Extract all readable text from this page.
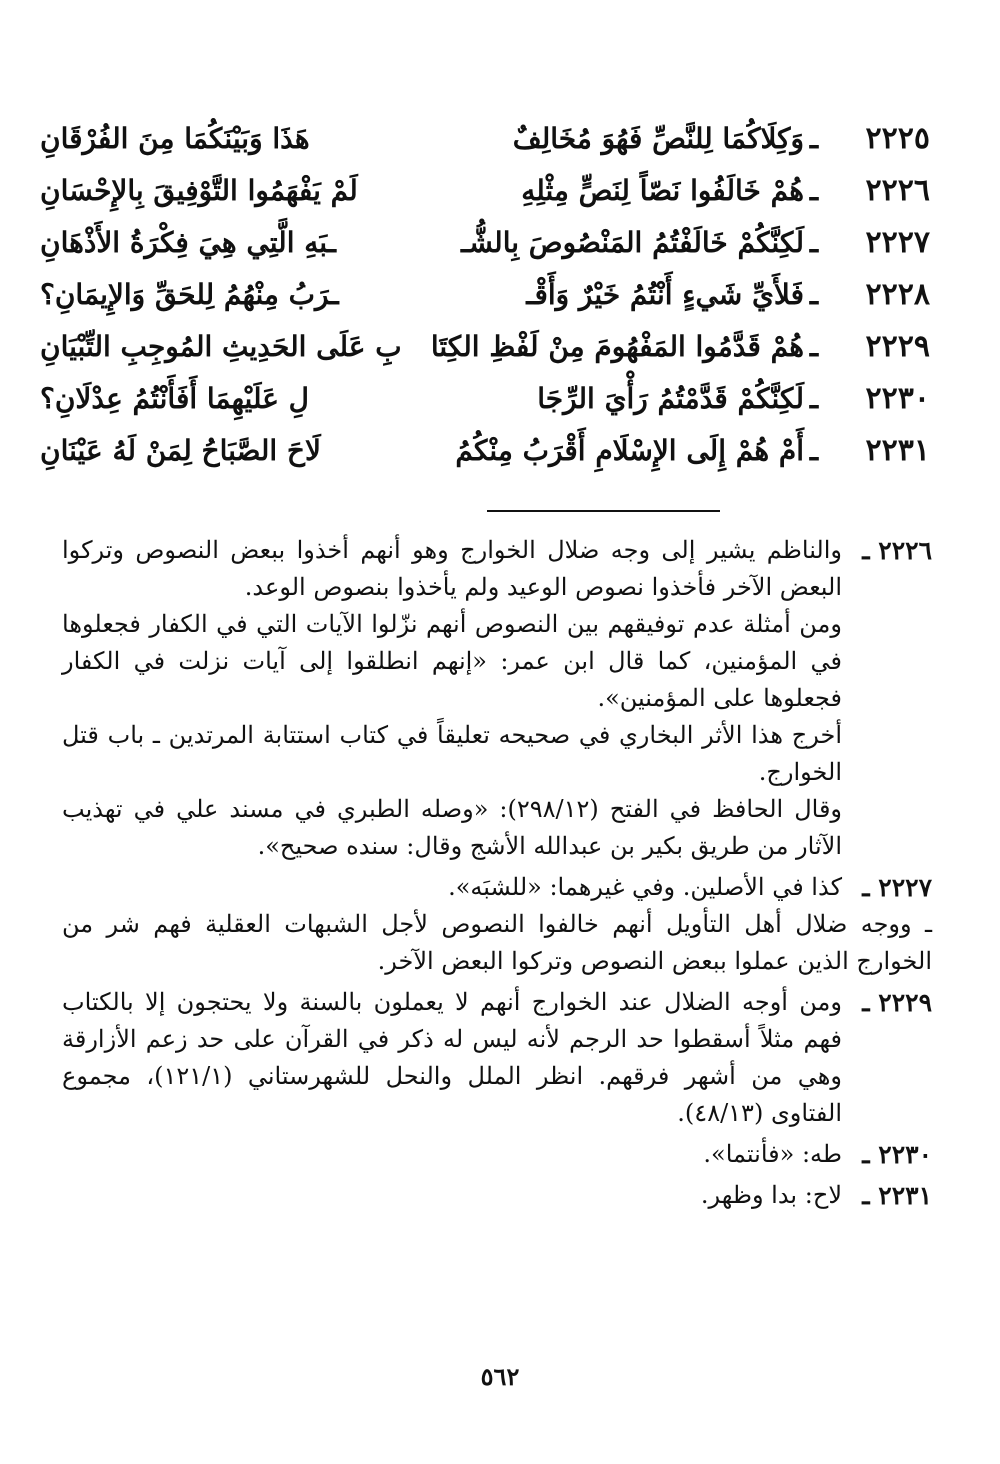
٢٢٢٥
ـ
وَكِلَاكُمَا لِلنَّصِّ فَهُوَ مُخَالِفٌ
هَذَا وَبَيْنَكُمَا مِنَ الفُرْقَانِ
٢٢٢٦
ـ
هُمْ خَالَفُوا نَصّاً لِنَصٍّ مِثْلِهِ
لَمْ يَفْهَمُوا التَّوْفِيقَ بِالإِحْسَانِ
٢٢٢٧
ـ
لَكِنَّكُمْ خَالَفْتُمُ المَنْصُوصَ بِالشُّـ
ـبَهِ الَّتِي هِيَ فِكْرَةُ الأَذْهَانِ
٢٢٢٨
ـ
فَلأَيِّ شَيءٍ أَنْتُمُ خَيْرٌ وَأَقْـ
ـرَبُ مِنْهُمُ لِلحَقِّ وَالإِيمَانِ؟
٢٢٢٩
ـ
هُمْ قَدَّمُوا المَفْهُومَ مِنْ لَفْظِ الكِتَا
بِ عَلَى الحَدِيثِ المُوجِبِ التِّبْيَانِ
٢٢٣٠
ـ
لَكِنَّكُمْ قَدَّمْتُمُ رَأْيَ الرِّجَا
لِ عَلَيْهِمَا أَفَأَنْتُمُ عِدْلَانِ؟
٢٢٣١
ـ
أَمْ هُمْ إِلَى الإِسْلَامِ أَقْرَبُ مِنْكُمُ
لَاحَ الصَّبَاحُ لِمَنْ لَهُ عَيْنَانِ
٢٢٢٦ ـ

والناظم يشير إلى وجه ضلال الخوارج وهو أنهم أخذوا ببعض النصوص وتركوا البعض الآخر فأخذوا نصوص الوعيد ولم يأخذوا بنصوص الوعد.

ومن أمثلة عدم توفيقهم بين النصوص أنهم نزّلوا الآيات التي في الكفار فجعلوها في المؤمنين، كما قال ابن عمر: «إنهم انطلقوا إلى آيات نزلت في الكفار فجعلوها على المؤمنين».

أخرج هذا الأثر البخاري في صحيحه تعليقاً في كتاب استتابة المرتدين ـ باب قتل الخوارج.

وقال الحافظ في الفتح (٢٩٨/١٢): «وصله الطبري في مسند علي في تهذيب الآثار من طريق بكير بن عبدالله الأشج وقال: سنده صحيح».

٢٢٢٧ ـ

كذا في الأصلين. وفي غيرهما: «للشبَه».

ـ ووجه ضلال أهل التأويل أنهم خالفوا النصوص لأجل الشبهات العقلية فهم شر من الخوارج الذين عملوا ببعض النصوص وتركوا البعض الآخر.

٢٢٢٩ ـ

ومن أوجه الضلال عند الخوارج أنهم لا يعملون بالسنة ولا يحتجون إلا بالكتاب فهم مثلاً أسقطوا حد الرجم لأنه ليس له ذكر في القرآن على حد زعم الأزارقة وهي من أشهر فرقهم. انظر الملل والنحل للشهرستاني (١٢١/١)، مجموع الفتاوى (٤٨/١٣).

٢٢٣٠ ـ

طه: «فأنتما».

٢٢٣١ ـ

لاح: بدا وظهر.

٥٦٢
